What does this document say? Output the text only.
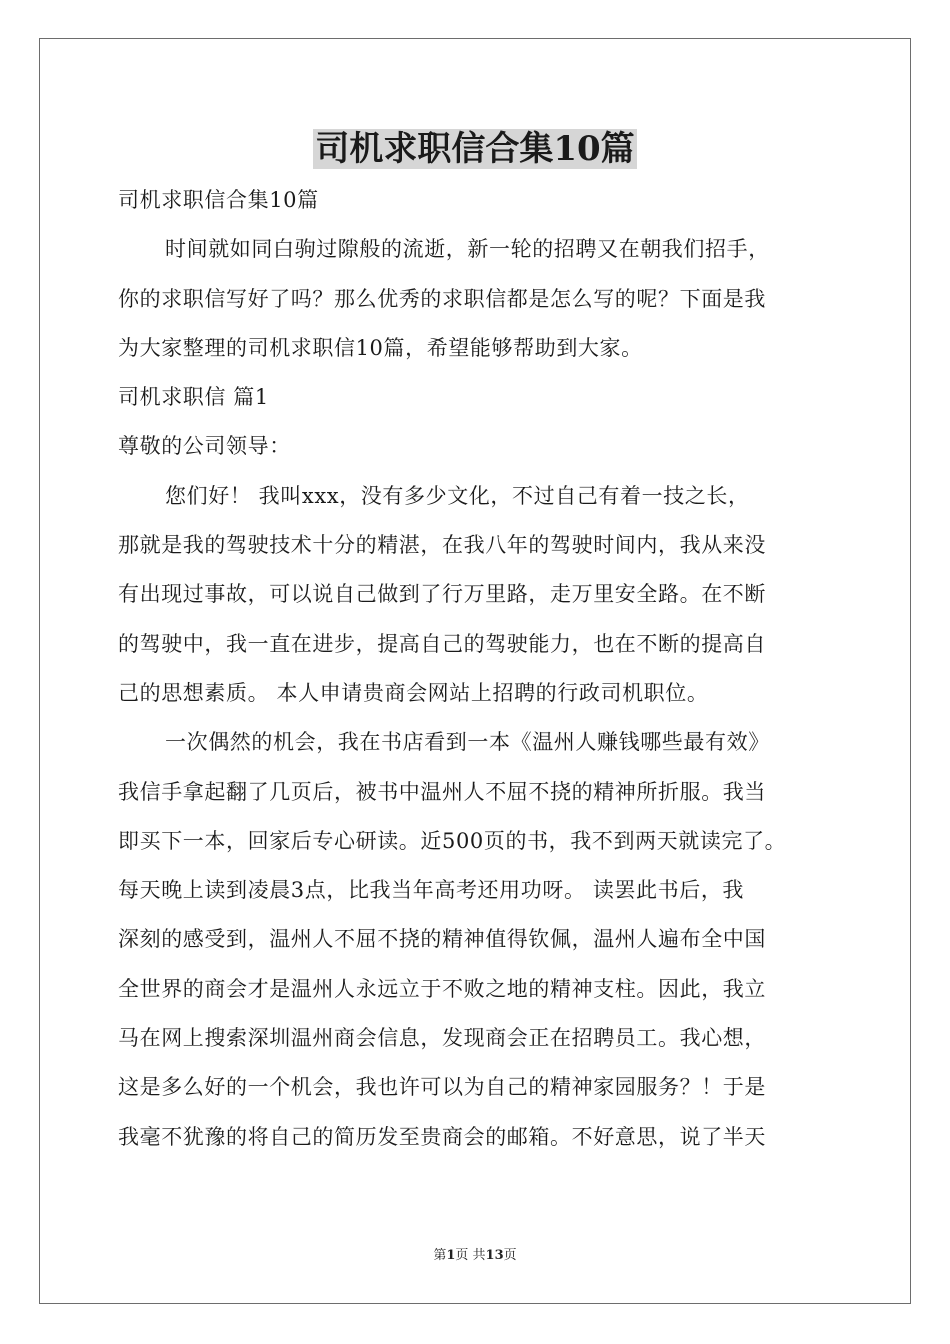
司机求职信合集10篇
司机求职信合集10篇
时间就如同白驹过隙般的流逝，新一轮的招聘又在朝我们招手，
你的求职信写好了吗？那么优秀的求职信都是怎么写的呢？下面是我
为大家整理的司机求职信10篇，希望能够帮助到大家。
司机求职信 篇1
尊敬的公司领导：
您们好！ 我叫xxx，没有多少文化，不过自己有着一技之长，
那就是我的驾驶技术十分的精湛，在我八年的驾驶时间内，我从来没
有出现过事故，可以说自己做到了行万里路，走万里安全路。在不断
的驾驶中，我一直在进步，提高自己的驾驶能力，也在不断的提高自
己的思想素质。 本人申请贵商会网站上招聘的行政司机职位。
一次偶然的机会，我在书店看到一本《温州人赚钱哪些最有效》
我信手拿起翻了几页后，被书中温州人不屈不挠的精神所折服。我当
即买下一本，回家后专心研读。近500页的书，我不到两天就读完了。
每天晚上读到凌晨3点，比我当年高考还用功呀。 读罢此书后，我
深刻的感受到，温州人不屈不挠的精神值得钦佩，温州人遍布全中国
全世界的商会才是温州人永远立于不败之地的精神支柱。因此，我立
马在网上搜索深圳温州商会信息，发现商会正在招聘员工。我心想，
这是多么好的一个机会，我也许可以为自己的精神家园服务？！于是
我毫不犹豫的将自己的简历发至贵商会的邮箱。不好意思，说了半天
第1页 共13页
